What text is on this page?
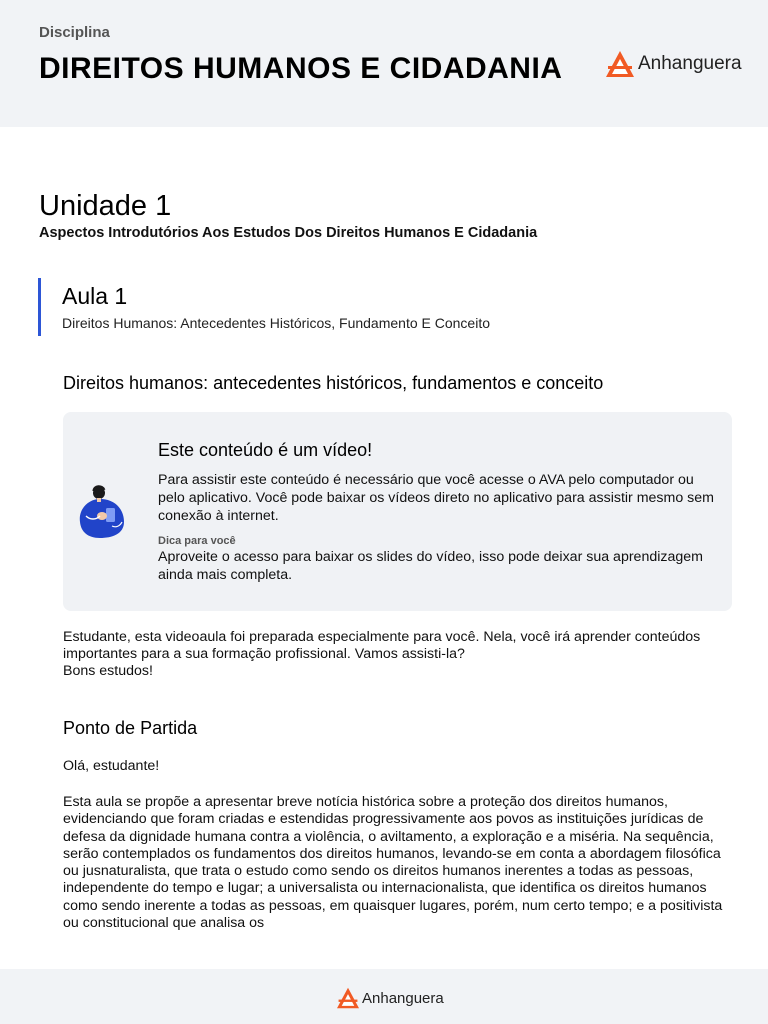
Disciplina
DIREITOS HUMANOS E CIDADANIA	Anhanguera
Unidade 1
Aspectos Introdutórios Aos Estudos Dos Direitos Humanos E Cidadania
Aula 1
Direitos Humanos: Antecedentes Históricos, Fundamento E Conceito
Direitos humanos: antecedentes históricos, fundamentos e conceito
Este conteúdo é um vídeo!
Para assistir este conteúdo é necessário que você acesse o AVA pelo computador ou pelo aplicativo. Você pode baixar os vídeos direto no aplicativo para assistir mesmo sem conexão à internet.
Dica para você
Aproveite o acesso para baixar os slides do vídeo, isso pode deixar sua aprendizagem ainda mais completa.
Estudante, esta videoaula foi preparada especialmente para você. Nela, você irá aprender conteúdos importantes para a sua formação profissional. Vamos assisti-la?
Bons estudos!
Ponto de Partida
Olá, estudante!
Esta aula se propõe a apresentar breve notícia histórica sobre a proteção dos direitos humanos, evidenciando que foram criadas e estendidas progressivamente aos povos as instituições jurídicas de defesa da dignidade humana contra a violência, o aviltamento, a exploração e a miséria. Na sequência, serão contemplados os fundamentos dos direitos humanos, levando-se em conta a abordagem filosófica ou jusnaturalista, que trata o estudo como sendo os direitos humanos inerentes a todas as pessoas, independente do tempo e lugar; a universalista ou internacionalista, que identifica os direitos humanos como sendo inerente a todas as pessoas, em quaisquer lugares, porém, num certo tempo; e a positivista ou constitucional que analisa os
Anhanguera
